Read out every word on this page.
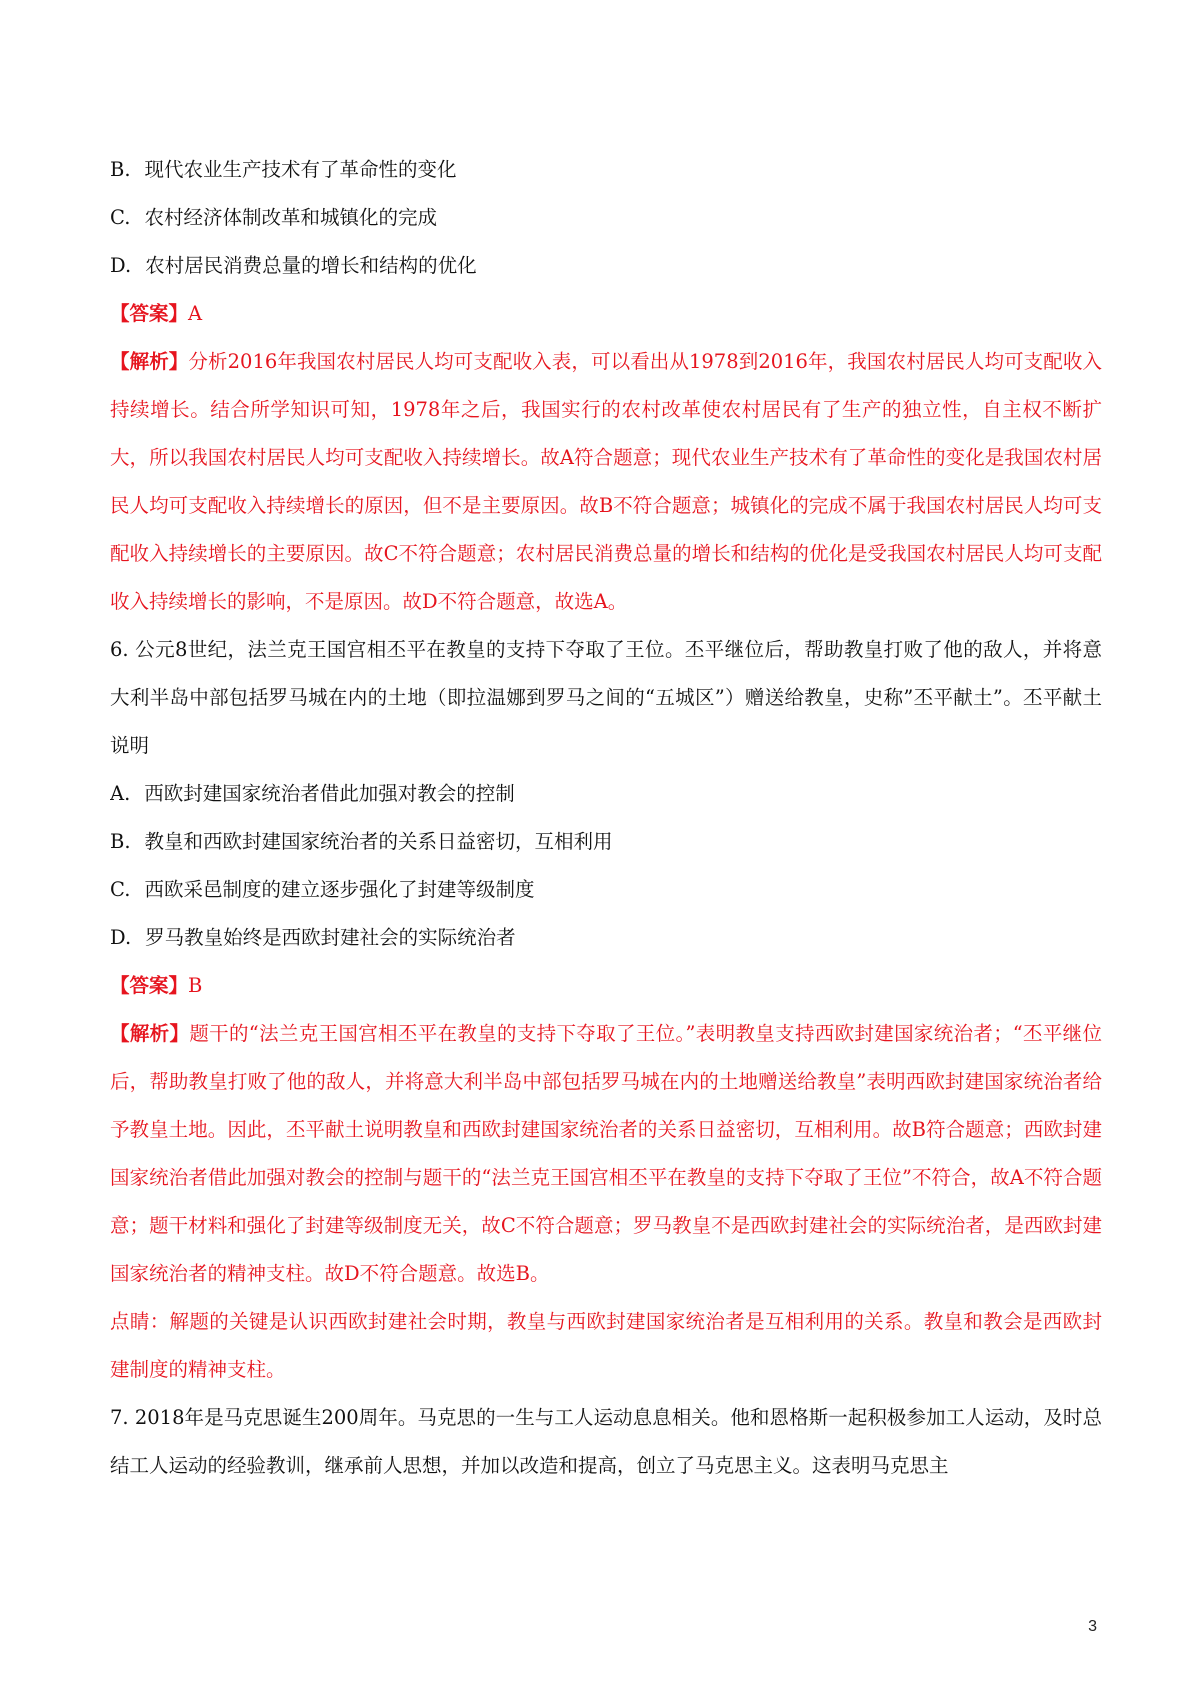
B. 现代农业生产技术有了革命性的变化
C. 农村经济体制改革和城镇化的完成
D. 农村居民消费总量的增长和结构的优化
【答案】A
【解析】分析2016年我国农村居民人均可支配收入表，可以看出从1978到2016年，我国农村居民人均可支配收入持续增长。结合所学知识可知，1978年之后，我国实行的农村改革使农村居民有了生产的独立性，自主权不断扩大，所以我国农村居民人均可支配收入持续增长。故A符合题意；现代农业生产技术有了革命性的变化是我国农村居民人均可支配收入持续增长的原因，但不是主要原因。故B不符合题意；城镇化的完成不属于我国农村居民人均可支配收入持续增长的主要原因。故C不符合题意；农村居民消费总量的增长和结构的优化是受我国农村居民人均可支配收入持续增长的影响，不是原因。故D不符合题意，故选A。
6. 公元8世纪，法兰克王国宫相丕平在教皇的支持下夺取了王位。丕平继位后，帮助教皇打败了他的敌人，并将意大利半岛中部包括罗马城在内的土地（即拉温娜到罗马之间的“五城区”）赠送给教皇，史称”丕平献土”。丕平献土说明
A. 西欧封建国家统治者借此加强对教会的控制
B. 教皇和西欧封建国家统治者的关系日益密切，互相利用
C. 西欧采邑制度的建立逐步强化了封建等级制度
D. 罗马教皇始终是西欧封建社会的实际统治者
【答案】B
【解析】题干的“法兰克王国宫相丕平在教皇的支持下夺取了王位。”表明教皇支持西欧封建国家统治者；“丕平继位后，帮助教皇打败了他的敌人，并将意大利半岛中部包括罗马城在内的土地赠送给教皇”表明西欧封建国家统治者给予教皇土地。因此，丕平献土说明教皇和西欧封建国家统治者的关系日益密切，互相利用。故B符合题意；西欧封建国家统治者借此加强对教会的控制与题干的“法兰克王国宫相丕平在教皇的支持下夺取了王位”不符合，故A不符合题意；题干材料和强化了封建等级制度无关，故C不符合题意；罗马教皇不是西欧封建社会的实际统治者，是西欧封建国家统治者的精神支柱。故D不符合题意。故选B。
点睛：解题的关键是认识西欧封建社会时期，教皇与西欧封建国家统治者是互相利用的关系。教皇和教会是西欧封建制度的精神支柱。
7. 2018年是马克思诞生200周年。马克思的一生与工人运动息息相关。他和恩格斯一起积极参加工人运动，及时总结工人运动的经验教训，继承前人思想，并加以改造和提高，创立了马克思主义。这表明马克思主
3
